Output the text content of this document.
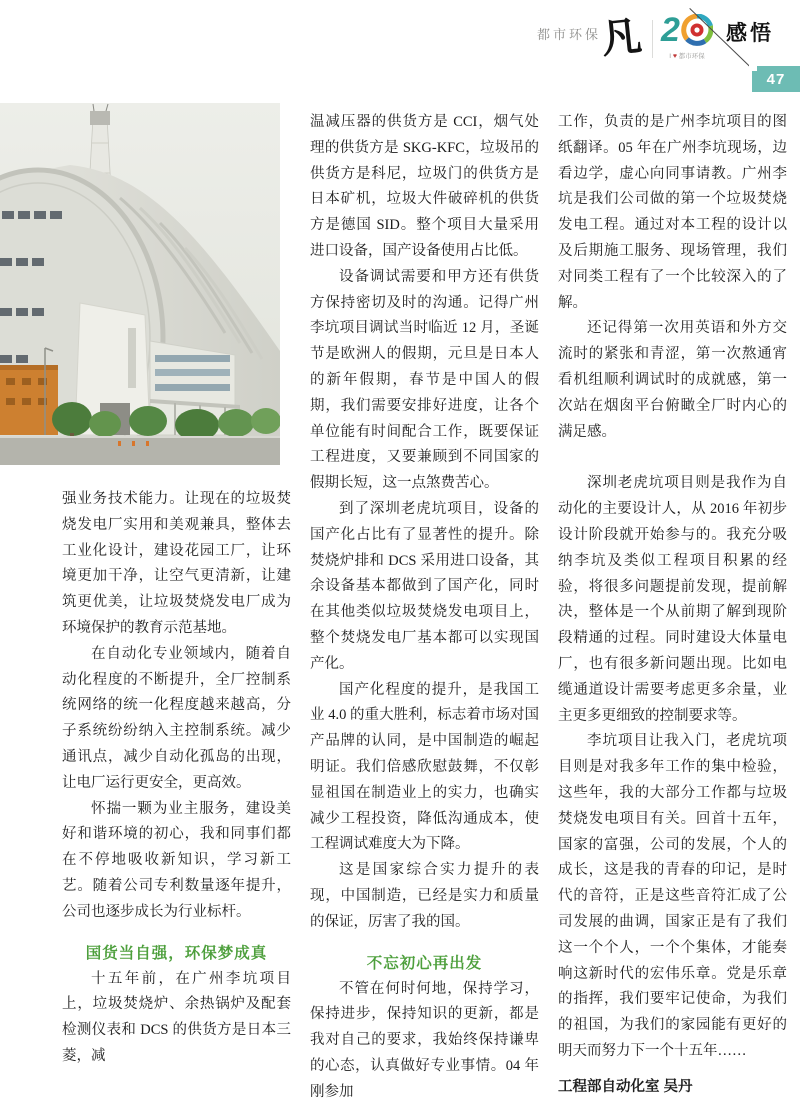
都市环保
凡 2
I ♥ 都市环保
感悟
47

强业务技术能力。让现在的垃圾焚烧发电厂实用和美观兼具，整体去工业化设计，建设花园工厂，让环境更加干净，让空气更清新，让建筑更优美，让垃圾焚烧发电厂成为环境保护的教育示范基地。

在自动化专业领域内，随着自动化程度的不断提升，全厂控制系统网络的统一化程度越来越高，分子系统纷纷纳入主控制系统。减少通讯点，减少自动化孤岛的出现，让电厂运行更安全，更高效。

怀揣一颗为业主服务，建设美好和谐环境的初心，我和同事们都在不停地吸收新知识，学习新工艺。随着公司专利数量逐年提升，公司也逐步成长为行业标杆。

国货当自强，环保梦成真

十五年前，在广州李坑项目上，垃圾焚烧炉、余热锅炉及配套检测仪表和 DCS 的供货方是日本三菱，减

温减压器的供货方是 CCI，烟气处理的供货方是 SKG-KFC，垃圾吊的供货方是科尼，垃圾门的供货方是日本矿机，垃圾大件破碎机的供货方是德国 SID。整个项目大量采用进口设备，国产设备使用占比低。

设备调试需要和甲方还有供货方保持密切及时的沟通。记得广州李坑项目调试当时临近 12 月，圣诞节是欧洲人的假期，元旦是日本人的新年假期，春节是中国人的假期，我们需要安排好进度，让各个单位能有时间配合工作，既要保证工程进度，又要兼顾到不同国家的假期长短，这一点煞费苦心。

到了深圳老虎坑项目，设备的国产化占比有了显著性的提升。除焚烧炉排和 DCS 采用进口设备，其余设备基本都做到了国产化，同时在其他类似垃圾焚烧发电项目上，整个焚烧发电厂基本都可以实现国产化。

国产化程度的提升，是我国工业 4.0 的重大胜利，标志着市场对国产品牌的认同，是中国制造的崛起明证。我们倍感欣慰鼓舞，不仅彰显祖国在制造业上的实力，也确实减少工程投资，降低沟通成本，使工程调试难度大为下降。

这是国家综合实力提升的表现，中国制造，已经是实力和质量的保证，厉害了我的国。

不忘初心再出发

不管在何时何地，保持学习，保持进步，保持知识的更新，都是我对自己的要求，我始终保持谦卑的心态，认真做好专业事情。04 年刚参加

工作，负责的是广州李坑项目的图纸翻译。05 年在广州李坑现场，边看边学，虚心向同事请教。广州李坑是我们公司做的第一个垃圾焚烧发电工程。通过对本工程的设计以及后期施工服务、现场管理，我们对同类工程有了一个比较深入的了解。

还记得第一次用英语和外方交流时的紧张和青涩，第一次熬通宵看机组顺利调试时的成就感，第一次站在烟囱平台俯瞰全厂时内心的满足感。

深圳老虎坑项目则是我作为自动化的主要设计人，从 2016 年初步设计阶段就开始参与的。我充分吸纳李坑及类似工程项目积累的经验，将很多问题提前发现，提前解决，整体是一个从前期了解到现阶段精通的过程。同时建设大体量电厂，也有很多新问题出现。比如电缆通道设计需要考虑更多余量，业主更多更细致的控制要求等。

李坑项目让我入门，老虎坑项目则是对我多年工作的集中检验，这些年，我的大部分工作都与垃圾焚烧发电项目有关。回首十五年，国家的富强，公司的发展，个人的成长，这是我的青春的印记，是时代的音符，正是这些音符汇成了公司发展的曲调，国家正是有了我们这一个个人，一个个集体，才能奏响这新时代的宏伟乐章。党是乐章的指挥，我们要牢记使命，为我们的祖国，为我们的家园能有更好的明天而努力下一个十五年……

工程部自动化室 吴丹
